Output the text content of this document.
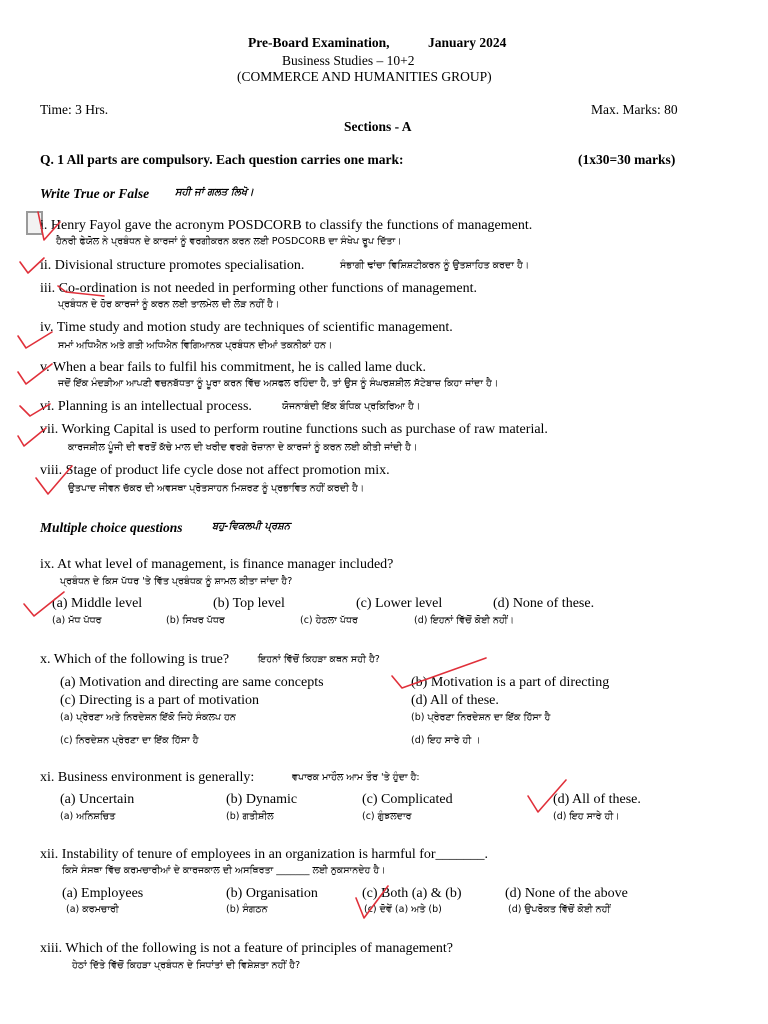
Pre-Board Examination,	January 2024
Business Studies – 10+2
(COMMERCE AND HUMANITIES GROUP)
Time: 3 Hrs.	Max. Marks: 80
Sections - A
Q. 1 All parts are compulsory. Each question carries one mark:	(1x30=30 marks)
Write True or False	ਸਹੀ ਜਾਂ ਗਲਤ ਲਿਖੋ।
i. Henry Fayol gave the acronym POSDCORB to classify the functions of management.
ਹੈਨਰੀ ਫੇਯੋਲ ਨੇ ਪ੍ਰਬੰਧਨ ਦੇ ਕਾਰਜਾਂ ਨੂੰ ਵਰਗੀਕਰਨ ਕਰਨ ਲਈ POSDCORB ਦਾ ਸੰਖੇਪ ਰੂਪ ਦਿੱਤਾ।
ii. Divisional structure promotes specialisation.	ਸੰਭਾਗੀ ਢਾਂਚਾ ਵਿਸ਼ਿਸ਼ਟੀਕਰਨ ਨੂੰ ਉਤਸ਼ਾਹਿਤ ਕਰਦਾ ਹੈ।
iii. Co-ordination is not needed in performing other functions of management.
ਪ੍ਰਬੰਧਨ ਦੇ ਹੋਰ ਕਾਰਜਾਂ ਨੂੰ ਕਰਨ ਲਈ ਤਾਲਮੇਲ ਦੀ ਲੋੜ ਨਹੀਂ ਹੈ।
iv. Time study and motion study are techniques of scientific management.
ਸਮਾਂ ਅਧਿਐਨ ਅਤੇ ਗਤੀ ਅਧਿਐਨ ਵਿਗਿਆਨਕ ਪ੍ਰਬੰਧਨ ਦੀਆਂ ਤਕਨੀਕਾਂ ਹਨ।
v. When a bear fails to fulfil his commitment, he is called lame duck.
ਜਦੋਂ ਇੱਕ ਮੰਦੜੀਆ ਆਪਣੀ ਵਚਨਬੱਧਤਾ ਨੂੰ ਪੂਰਾ ਕਰਨ ਵਿੱਚ ਅਸਫਲ ਰਹਿੰਦਾ ਹੈ, ਤਾਂ ਉਸ ਨੂੰ ਸੰਘਰਸ਼ਸ਼ੀਲ ਸੱਟੇਬਾਜ਼ ਕਿਹਾ ਜਾਂਦਾ ਹੈ।
vi. Planning is an intellectual process.	ਯੋਜਨਾਬੰਦੀ ਇੱਕ ਬੌਧਿਕ ਪ੍ਰਕਿਰਿਆ ਹੈ।
vii. Working Capital is used to perform routine functions such as purchase of raw material.
ਕਾਰਜਸ਼ੀਲ ਪੂੰਜੀ ਦੀ ਵਰਤੋਂ ਕੱਚੇ ਮਾਲ ਦੀ ਖਰੀਦ ਵਰਗੇ ਰੋਜ਼ਾਨਾ ਦੇ ਕਾਰਜਾਂ ਨੂੰ ਕਰਨ ਲਈ ਕੀਤੀ ਜਾਂਦੀ ਹੈ।
viii. Stage of product life cycle dose not affect promotion mix.
ਉਤਪਾਦ ਜੀਵਨ ਚੱਕਰ ਦੀ ਅਵਸਥਾ ਪ੍ਰੋਤਸਾਹਨ ਮਿਸ਼ਰਣ ਨੂੰ ਪ੍ਰਭਾਵਿਤ ਨਹੀਂ ਕਰਦੀ ਹੈ।
Multiple choice questions	ਬਹੁ-ਵਿਕਲਪੀ ਪ੍ਰਸ਼ਨ
ix. At what level of management, is finance manager included?
ਪ੍ਰਬੰਧਨ ਦੇ ਕਿਸ ਪੱਧਰ 'ਤੇ ਵਿੱਤ ਪ੍ਰਬੰਧਕ ਨੂੰ ਸ਼ਾਮਲ ਕੀਤਾ ਜਾਂਦਾ ਹੈ?
(a) Middle level	(b) Top level	(c) Lower level	(d) None of these.
(a) ਮੱਧ ਪੱਧਰ	(b) ਸਿਖਰ ਪੱਧਰ	(c) ਹੇਠਲਾ ਪੱਧਰ	(d) ਇਹਨਾਂ ਵਿੱਚੋਂ ਕੋਈ ਨਹੀਂ।
x. Which of the following is true?	ਇਹਨਾਂ ਵਿੱਚੋਂ ਕਿਹੜਾ ਕਥਨ ਸਹੀ ਹੈ?
(a) Motivation and directing are same concepts	(b) Motivation is a part of directing
(c) Directing is a part of motivation	(d) All of these.
(a) ਪ੍ਰੇਰਣਾ ਅਤੇ ਨਿਰਦੇਸ਼ਨ ਇੱਕੋ ਜਿਹੇ ਸੰਕਲਪ ਹਨ	(b) ਪ੍ਰੇਰਣਾ ਨਿਰਦੇਸ਼ਨ ਦਾ ਇੱਕ ਹਿੱਸਾ ਹੈ
(c) ਨਿਰਦੇਸ਼ਨ ਪ੍ਰੇਰਣਾ ਦਾ ਇੱਕ ਹਿੱਸਾ ਹੈ	(d) ਇਹ ਸਾਰੇ ਹੀ ।
xi. Business environment is generally:	ਵਪਾਰਕ ਮਾਹੌਲ ਆਮ ਤੌਰ 'ਤੇ ਹੁੰਦਾ ਹੈ:
(a) Uncertain	(b) Dynamic	(c) Complicated	(d) All of these.
(a) ਅਨਿਸ਼ਚਿਤ	(b) ਗਤੀਸ਼ੀਲ	(c) ਗੁੰਝਲਦਾਰ	(d) ਇਹ ਸਾਰੇ ਹੀ।
xii. Instability of tenure of employees in an organization is harmful for_______.
ਕਿਸੇ ਸੰਸਥਾ ਵਿੱਚ ਕਰਮਚਾਰੀਆਂ ਦੇ ਕਾਰਜਕਾਲ ਦੀ ਅਸਥਿਰਤਾ _______ ਲਈ ਨੁਕਸਾਨਦੇਹ ਹੈ।
(a) Employees	(b) Organisation	(c) Both (a) & (b)	(d) None of the above
(a) ਕਰਮਚਾਰੀ	(b) ਸੰਗਠਨ	(c) ਦੋਵੇਂ (a) ਅਤੇ (b)	(d) ਉਪਰੋਕਤ ਵਿੱਚੋਂ ਕੋਈ ਨਹੀਂ
xiii. Which of the following is not a feature of principles of management?
ਹੇਠਾਂ ਦਿੱਤੇ ਵਿੱਚੋਂ ਕਿਹੜਾ ਪ੍ਰਬੰਧਨ ਦੇ ਸਿਧਾਂਤਾਂ ਦੀ ਵਿਸ਼ੇਸ਼ਤਾ ਨਹੀਂ ਹੈ?
